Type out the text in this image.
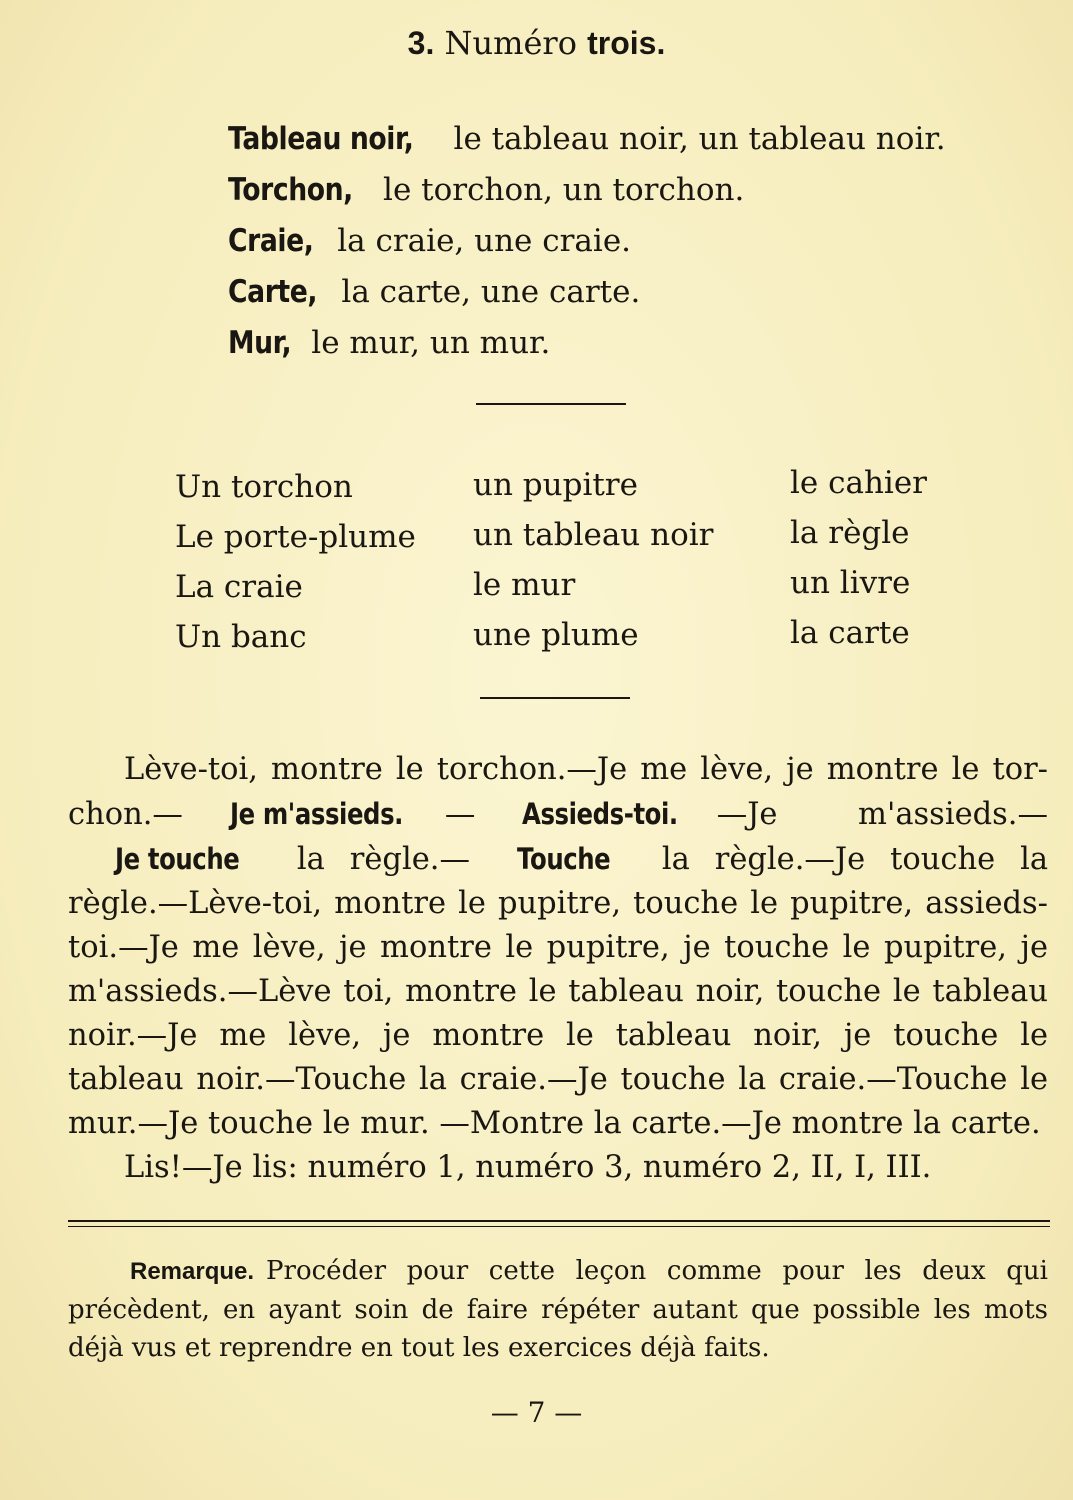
3. Numéro trois.
Tableau noir, le tableau noir, un tableau noir.
Torchon, le torchon, un torchon.
Craie, la craie, une craie.
Carte, la carte, une carte.
Mur, le mur, un mur.
Un torchon
Le porte-plume
La craie
Un banc
un pupitre
un tableau noir
le mur
une plume
le cahier
la règle
un livre
la carte

Lève-toi, montre le torchon.—Je me lève, je montre le tor-chon.— Je m'assieds. — Assieds-toi. —Je m'assieds.—Je touche la règle.— Touche la règle.—Je touche la règle.—Lève-toi, montre le pupitre, touche le pupitre, assieds-toi.—Je me lève, je montre le pupitre, je touche le pupitre, je m'assieds.—Lève toi, montre le tableau noir, touche le tableau noir.—Je me lève, je montre le tableau noir, je touche le tableau noir.—Touche la craie.—Je touche la craie.—Touche le mur.—Je touche le mur. —Montre la carte.—Je montre la carte.

Lis!—Je lis: numéro 1, numéro 3, numéro 2, II, I, III.

Remarque. Procéder pour cette leçon comme pour les deux qui précèdent, en ayant soin de faire répéter autant que possible les mots déjà vus et reprendre en tout les exercices déjà faits.
— 7 —
